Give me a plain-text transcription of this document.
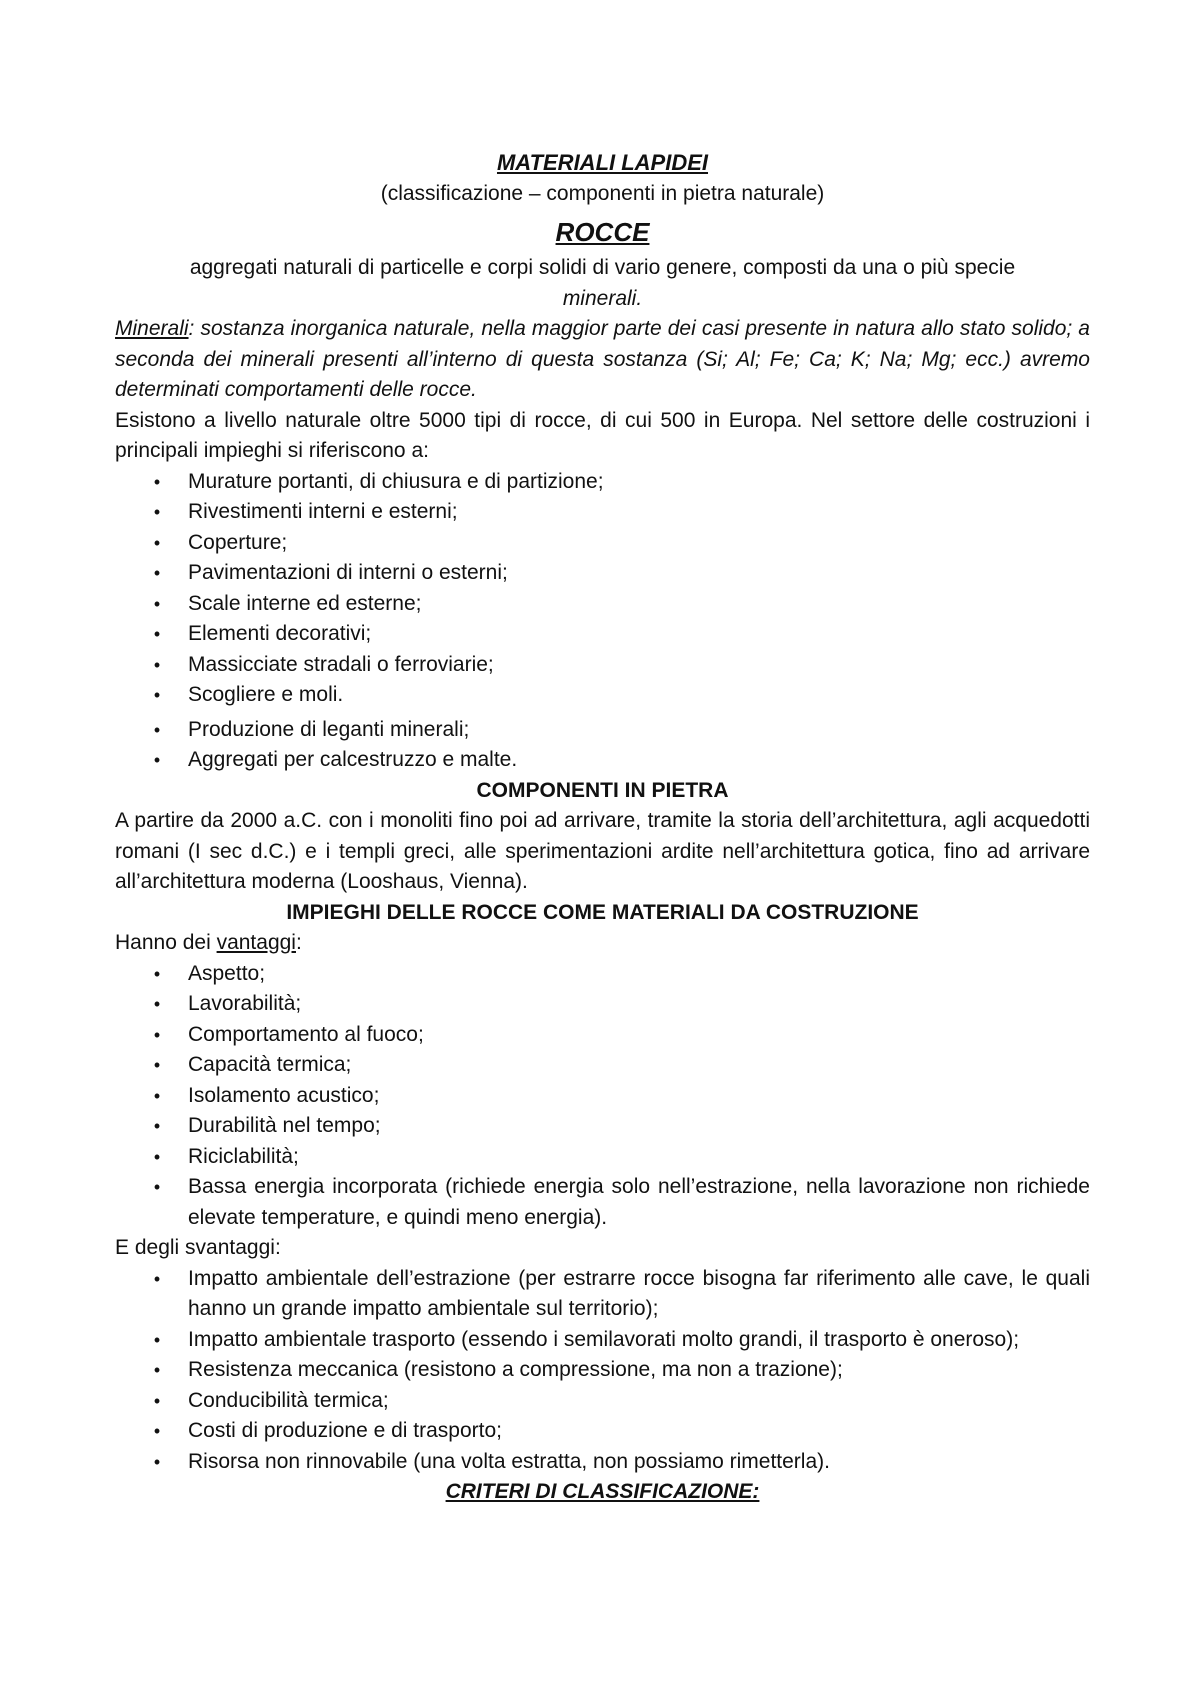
MATERIALI LAPIDEI

(classificazione – componenti in pietra naturale)

ROCCE

aggregati naturali di particelle e corpi solidi di vario genere, composti da una o più specie

minerali.

Minerali: sostanza inorganica naturale, nella maggior parte dei casi presente in natura allo stato solido; a seconda dei minerali presenti all’interno di questa sostanza (Si; Al; Fe; Ca; K; Na; Mg; ecc.) avremo determinati comportamenti delle rocce.

Esistono a livello naturale oltre 5000 tipi di rocce, di cui 500 in Europa. Nel settore delle costruzioni i principali impieghi si riferiscono a:

• Murature portanti, di chiusura e di partizione;
• Rivestimenti interni e esterni;
• Coperture;
• Pavimentazioni di interni o esterni;
• Scale interne ed esterne;
• Elementi decorativi;
• Massicciate stradali o ferroviarie;
• Scogliere e moli.
• Produzione di leganti minerali;
• Aggregati per calcestruzzo e malte.

COMPONENTI IN PIETRA

A partire da 2000 a.C. con i monoliti fino poi ad arrivare, tramite la storia dell’architettura, agli acquedotti romani (I sec d.C.) e i templi greci, alle sperimentazioni ardite nell’architettura gotica, fino ad arrivare all’architettura moderna (Looshaus, Vienna).

IMPIEGHI DELLE ROCCE COME MATERIALI DA COSTRUZIONE

Hanno dei vantaggi:

• Aspetto;
• Lavorabilità;
• Comportamento al fuoco;
• Capacità termica;
• Isolamento acustico;
• Durabilità nel tempo;
• Riciclabilità;
• Bassa energia incorporata (richiede energia solo nell’estrazione, nella lavorazione non richiede elevate temperature, e quindi meno energia).

E degli svantaggi:

• Impatto ambientale dell’estrazione (per estrarre rocce bisogna far riferimento alle cave, le quali hanno un grande impatto ambientale sul territorio);
• Impatto ambientale trasporto (essendo i semilavorati molto grandi, il trasporto è oneroso);
• Resistenza meccanica (resistono a compressione, ma non a trazione);
• Conducibilità termica;
• Costi di produzione e di trasporto;
• Risorsa non rinnovabile (una volta estratta, non possiamo rimetterla).

CRITERI DI CLASSIFICAZIONE:
